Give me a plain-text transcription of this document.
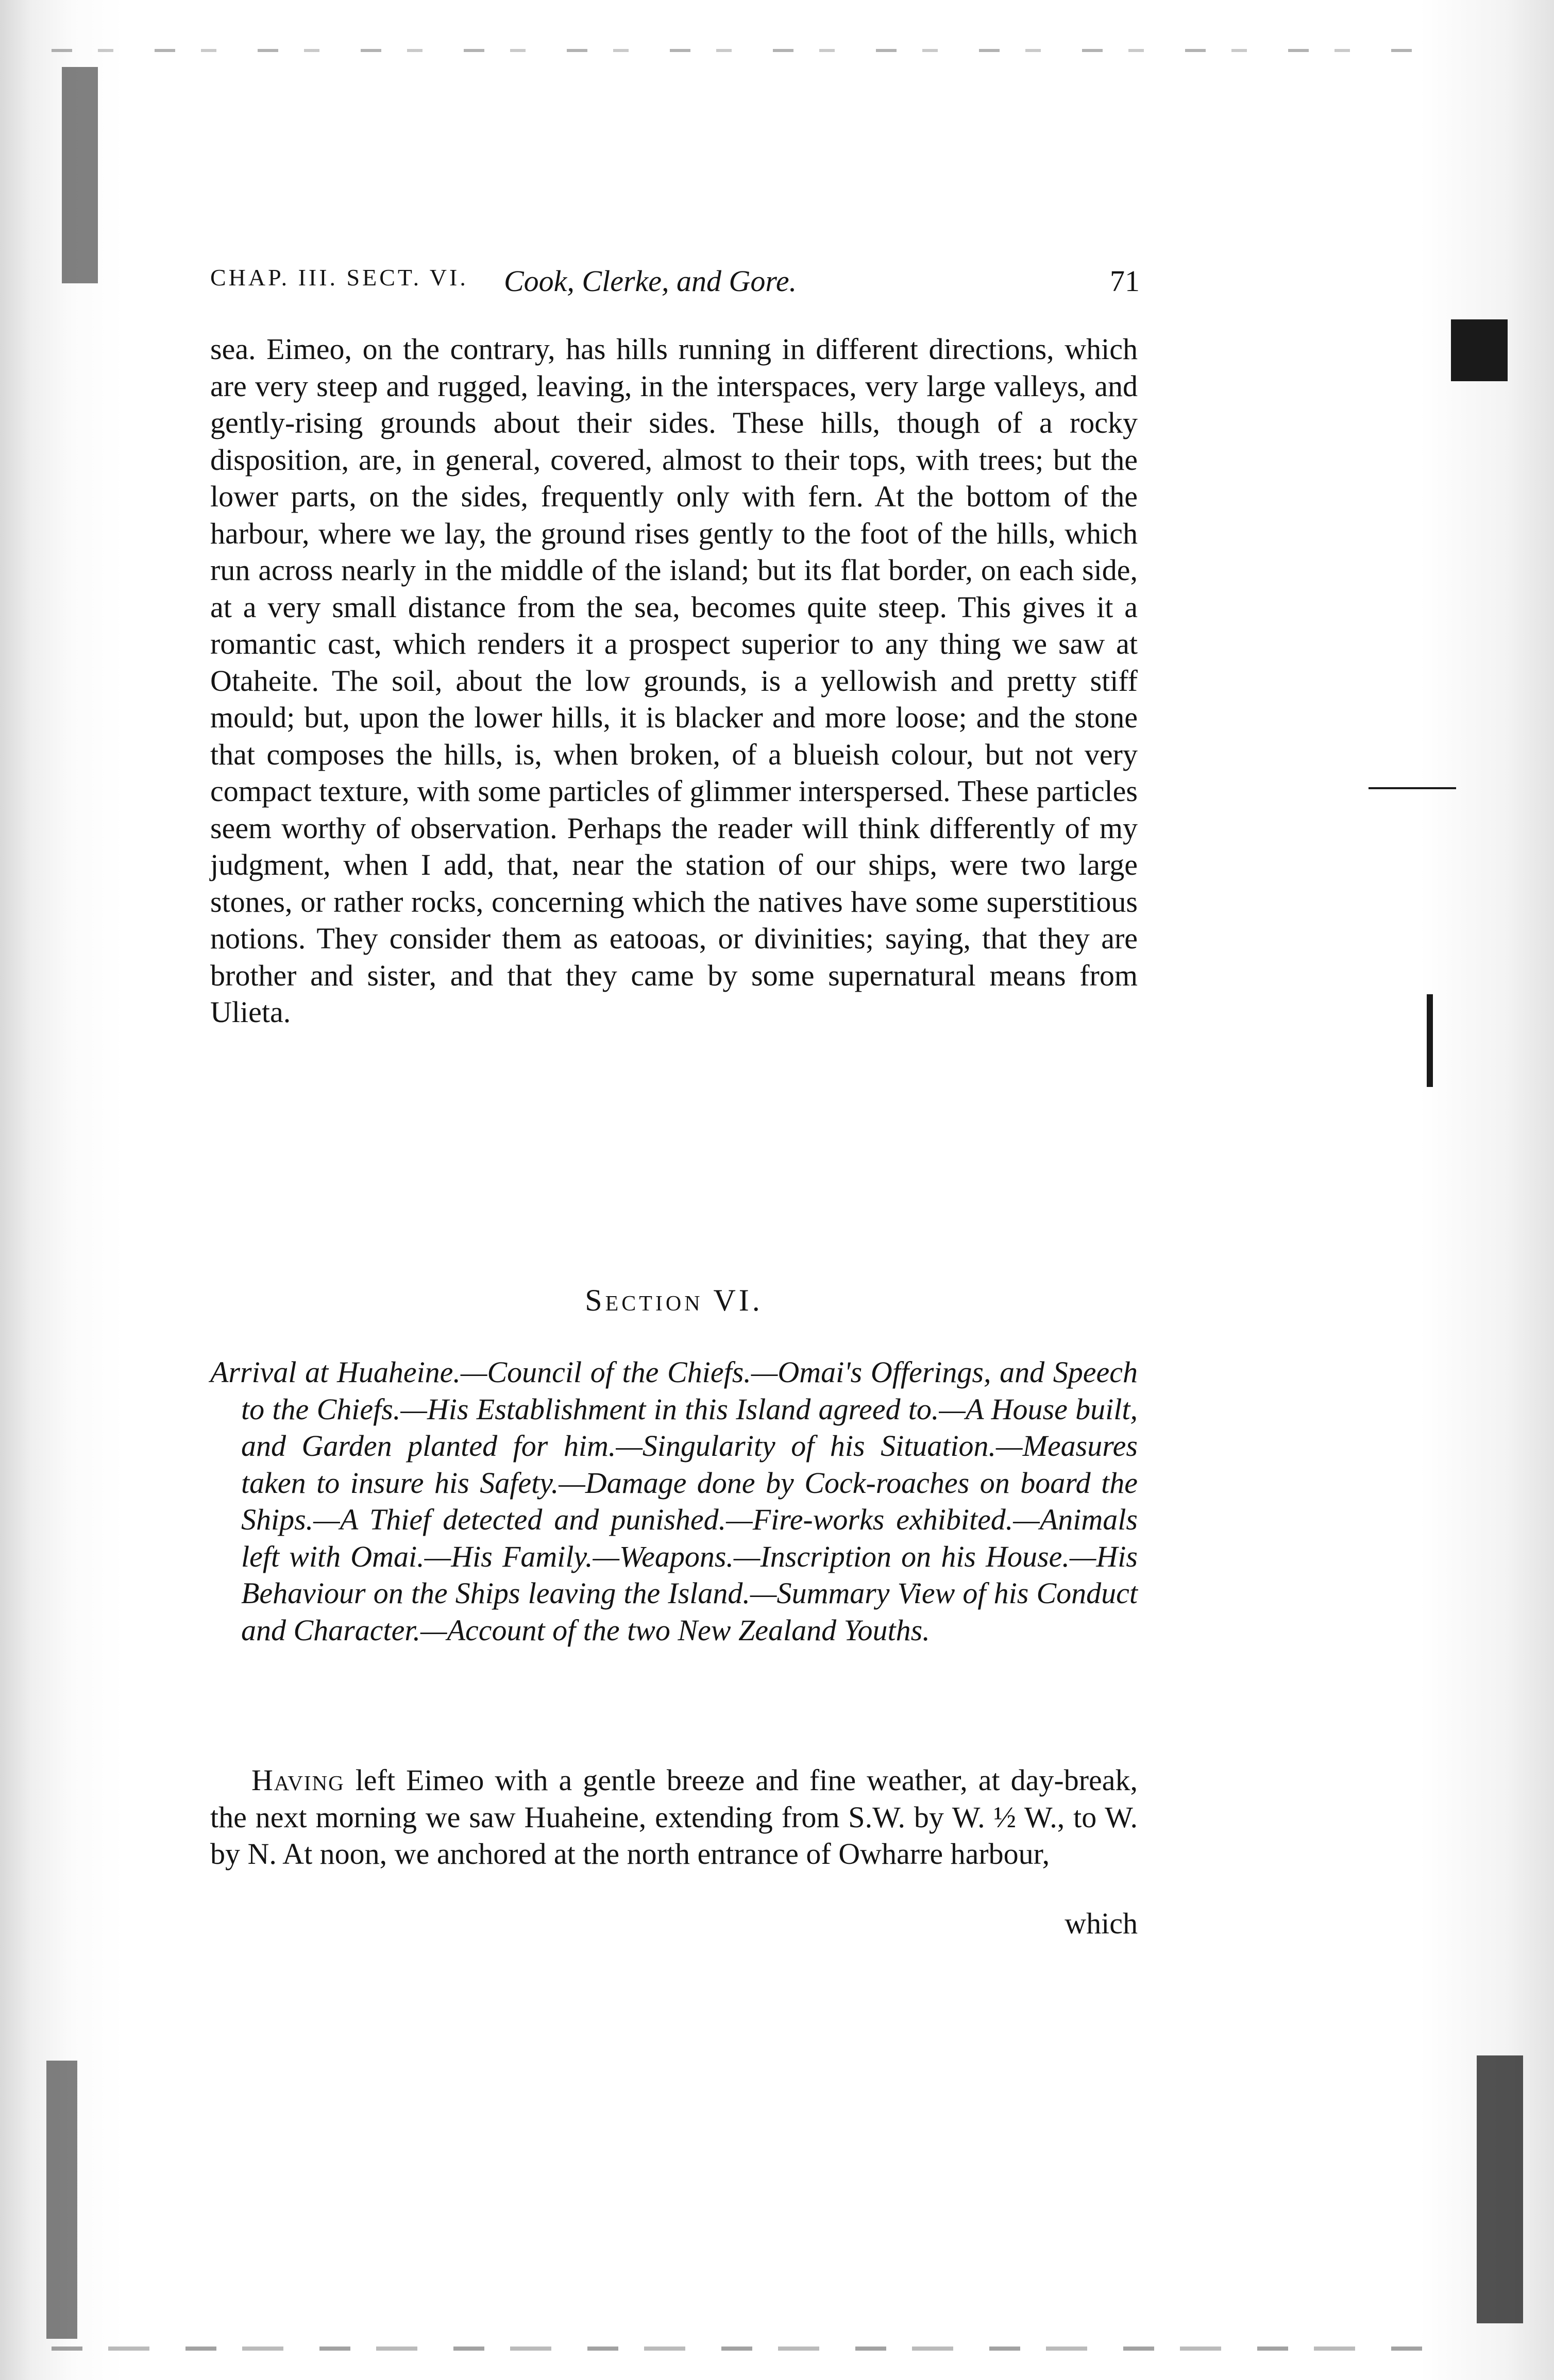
CHAP. III. SECT. VI. Cook, Clerke, and Gore.	71

sea. Eimeo, on the contrary, has hills running in different directions, which are very steep and rugged, leaving, in the interspaces, very large valleys, and gently-rising grounds about their sides. These hills, though of a rocky disposition, are, in general, covered, almost to their tops, with trees; but the lower parts, on the sides, frequently only with fern. At the bottom of the harbour, where we lay, the ground rises gently to the foot of the hills, which run across nearly in the middle of the island; but its flat border, on each side, at a very small distance from the sea, becomes quite steep. This gives it a romantic cast, which renders it a prospect superior to any thing we saw at Otaheite. The soil, about the low grounds, is a yellowish and pretty stiff mould; but, upon the lower hills, it is blacker and more loose; and the stone that composes the hills, is, when broken, of a blueish colour, but not very compact texture, with some particles of glimmer interspersed. These particles seem worthy of observation. Perhaps the reader will think differently of my judgment, when I add, that, near the station of our ships, were two large stones, or rather rocks, concerning which the natives have some superstitious notions. They consider them as eatooas, or divinities; saying, that they are brother and sister, and that they came by some supernatural means from Ulieta.

Section VI.
Arrival at Huaheine.—Council of the Chiefs.—Omai's Offerings, and Speech to the Chiefs.—His Establishment in this Island agreed to.—A House built, and Garden planted for him.—Singularity of his Situation.—Measures taken to insure his Safety.—Damage done by Cock-roaches on board the Ships.—A Thief detected and punished.—Fire-works exhibited.—Animals left with Omai.—His Family.—Weapons.—Inscription on his House.—His Behaviour on the Ships leaving the Island.—Summary View of his Conduct and Character.—Account of the two New Zealand Youths.
Having left Eimeo with a gentle breeze and fine weather, at day-break, the next morning we saw Huaheine, extending from S.W. by W. ½ W., to W. by N. At noon, we anchored at the north entrance of Owharre harbour,
which
